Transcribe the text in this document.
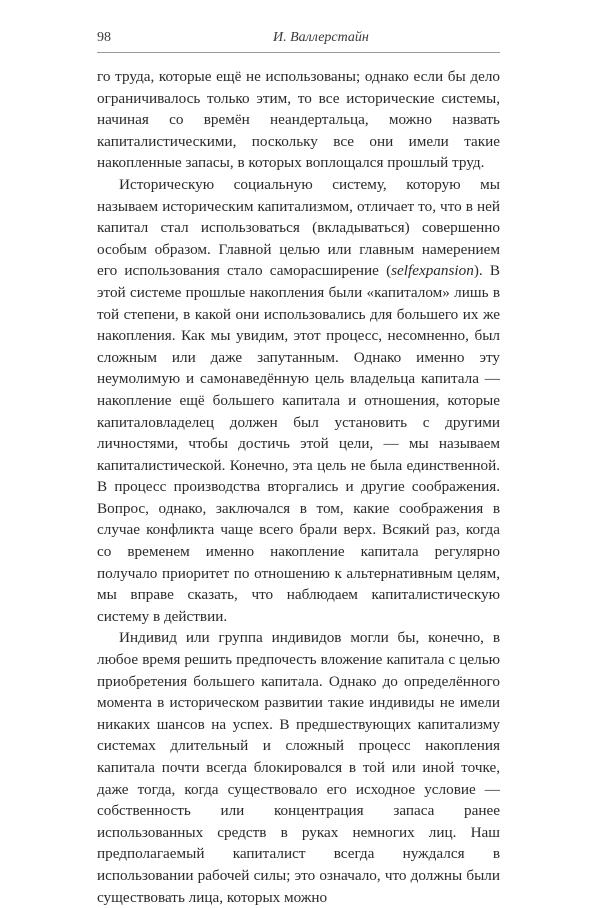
98	И. Валлерстайн

го труда, которые ещё не использованы; однако если бы дело ограничивалось только этим, то все исторические системы, начиная со времён неандертальца, можно назвать капиталистическими, поскольку все они имели такие накопленные запасы, в которых воплощался прошлый труд.

Историческую социальную систему, которую мы называем историческим капитализмом, отличает то, что в ней капитал стал использоваться (вкладываться) совершенно особым образом. Главной целью или главным намерением его использования стало саморасширение (selfexpansion). В этой системе прошлые накопления были «капиталом» лишь в той степени, в какой они использовались для большего их же накопления. Как мы увидим, этот процесс, несомненно, был сложным или даже запутанным. Однако именно эту неумолимую и самонаведённую цель владельца капитала — накопление ещё большего капитала и отношения, которые капиталовладелец должен был установить с другими личностями, чтобы достичь этой цели, — мы называем капиталистической. Конечно, эта цель не была единственной. В процесс производства вторгались и другие соображения. Вопрос, однако, заключался в том, какие соображения в случае конфликта чаще всего брали верх. Всякий раз, когда со временем именно накопление капитала регулярно получало приоритет по отношению к альтернативным целям, мы вправе сказать, что наблюдаем капиталистическую систему в действии.

Индивид или группа индивидов могли бы, конечно, в любое время решить предпочесть вложение капитала с целью приобретения большего капитала. Однако до определённого момента в историческом развитии такие индивиды не имели никаких шансов на успех. В предшествующих капитализму системах длительный и сложный процесс накопления капитала почти всегда блокировался в той или иной точке, даже тогда, когда существовало его исходное условие — собственность или концентрация запаса ранее использованных средств в руках немногих лиц. Наш предполагаемый капиталист всегда нуждался в использовании рабочей силы; это означало, что должны были существовать лица, которых можно
